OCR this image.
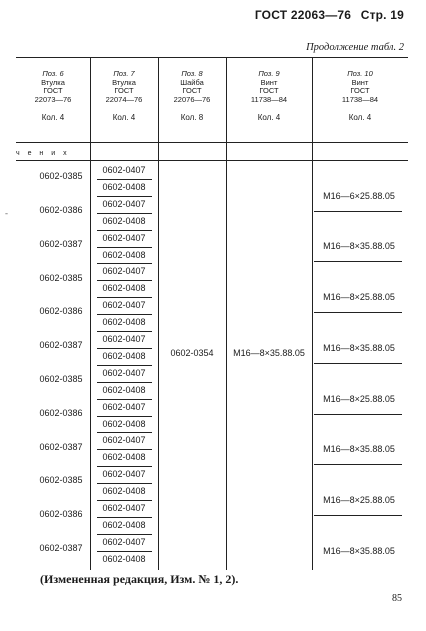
ГОСТ 22063—76 Стр. 19
Продолжение табл. 2
Поз. 6
Втулка
ГОСТ
22073—76
Кол. 4
Поз. 7
Втулка
ГОСТ
22074—76
Кол. 4
Поз. 8
Шайба
ГОСТ
22076—76
Кол. 8
Поз. 9
Винт
ГОСТ
11738—84
Кол. 4
Поз. 10
Винт
ГОСТ
11738—84
Кол. 4
ч е н и х
‐
0602-0385
0602-0386
0602-0387
0602-0385
0602-0386
0602-0387
0602-0385
0602-0386
0602-0387
0602-0385
0602-0386
0602-0387
0602-0407
0602-0408
0602-0407
0602-0408
0602-0407
0602-0408
0602-0407
0602-0408
0602-0407
0602-0408
0602-0407
0602-0408
0602-0407
0602-0408
0602-0407
0602-0408
0602-0407
0602-0408
0602-0407
0602-0408
0602-0407
0602-0408
0602-0407
0602-0408
M16—6×25.88.05
M16—8×35.88.05
M16—8×25.88.05
M16—8×35.88.05
M16—8×25.88.05
M16—8×35.88.05
M16—8×25.88.05
M16—8×35.88.05
0602-0354	M16—8×35.88.05
(Измененная редакция, Изм. № 1, 2).
85
